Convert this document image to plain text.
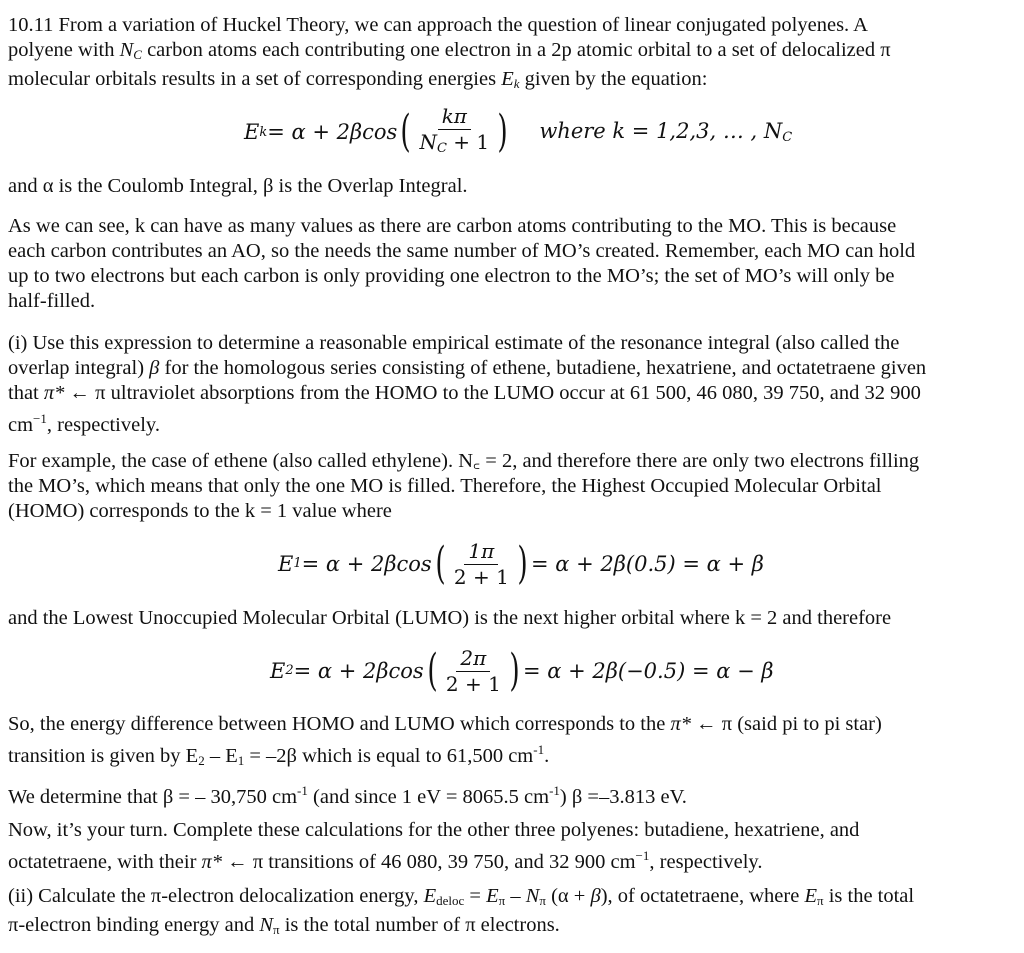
10.11 From a variation of Huckel Theory, we can approach the question of linear conjugated polyenes. A
polyene with $N_C$ carbon atoms each contributing one electron in a 2p atomic orbital to a set of delocalized π
molecular orbitals results in a set of corresponding energies $E_k$ given by the equation:
E k = α + 2βcos ( $\frac{k\pi}{N_C + 1}$ ) where k = 1,2,3, … , $N_C$
and α is the Coulomb Integral, β is the Overlap Integral.
As we can see, k can have as many values as there are carbon atoms contributing to the MO. This is because
each carbon contributes an AO, so the needs the same number of MO’s created. Remember, each MO can hold
up to two electrons but each carbon is only providing one electron to the MO’s; the set of MO’s will only be
half-filled.
(i) Use this expression to determine a reasonable empirical estimate of the resonance integral (also called the
overlap integral) β for the homologous series consisting of ethene, butadiene, hexatriene, and octatetraene given
that π* ← π ultraviolet absorptions from the HOMO to the LUMO occur at 61 500, 46 080, 39 750, and 32 900
$cm^{-1}$, respectively.
For example, the case of ethene (also called ethylene). N꜀ = 2, and therefore there are only two electrons filling
the MO’s, which means that only the one MO is filled. Therefore, the Highest Occupied Molecular Orbital
(HOMO) corresponds to the k = 1 value where
E 1 = α + 2βcos ( $\frac{1\pi}{2 + 1}$ ) = α + 2β(0.5) = α + β
and the Lowest Unoccupied Molecular Orbital (LUMO) is the next higher orbital where k = 2 and therefore
E 2 = α + 2βcos ( $\frac{2\pi}{2 + 1}$ ) = α + 2β(−0.5) = α − β
So, the energy difference between HOMO and LUMO which corresponds to the π* ← π (said pi to pi star)
transition is given by $E_2 - E_1 = -2\beta$ which is equal to 61,500 $cm^{-1}$.
We determine that β = – 30,750 $cm^{-1}$ (and since 1 eV = 8065.5 $cm^{-1}$) β =–3.813 eV.
Now, it’s your turn. Complete these calculations for the other three polyenes: butadiene, hexatriene, and
octatetraene, with their π* ← π transitions of 46 080, 39 750, and 32 900 $cm^{-1}$, respectively.
(ii) Calculate the π-electron delocalization energy, $E_{deloc} = E_\pi - N_\pi$ (α + β), of octatetraene, where $E_\pi$ is the total
π-electron binding energy and $N_\pi$ is the total number of π electrons.
